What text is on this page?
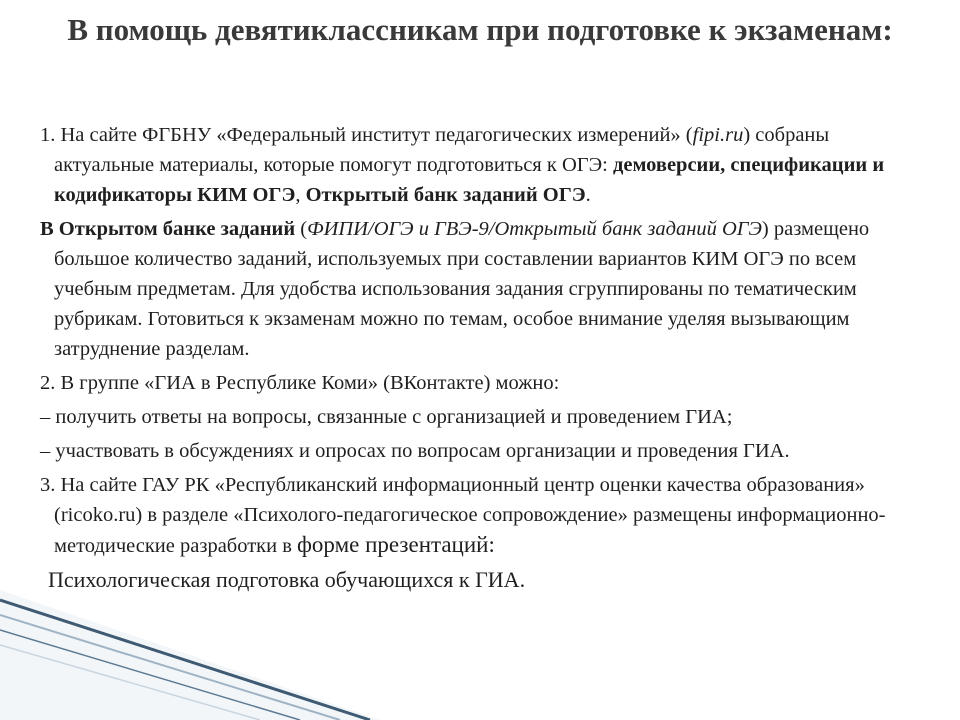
В помощь девятиклассникам при подготовке к экзаменам:

1. На сайте ФГБНУ «Федеральный институт педагогических измерений» (fipi.ru) собраны актуальные материалы, которые помогут подготовиться к ОГЭ: демоверсии, спецификации и кодификаторы КИМ ОГЭ, Открытый банк заданий ОГЭ.

В Открытом банке заданий (ФИПИ/ОГЭ и ГВЭ-9/Открытый банк заданий ОГЭ) размещено большое количество заданий, используемых при составлении вариантов КИМ ОГЭ по всем учебным предметам. Для удобства использования задания сгруппированы по тематическим рубрикам. Готовиться к экзаменам можно по темам, особое внимание уделяя вызывающим затруднение разделам.

2. В группе «ГИА в Республике Коми» (ВКонтакте) можно:

– получить ответы на вопросы, связанные с организацией и проведением ГИА;

– участвовать в обсуждениях и опросах по вопросам организации и проведения ГИА.

3. На сайте ГАУ РК «Республиканский информационный центр оценки качества образования» (ricoko.ru) в разделе «Психолого-педагогическое сопровождение» размещены информационно-методические разработки в форме презентаций:

Психологическая подготовка обучающихся к ГИА.
